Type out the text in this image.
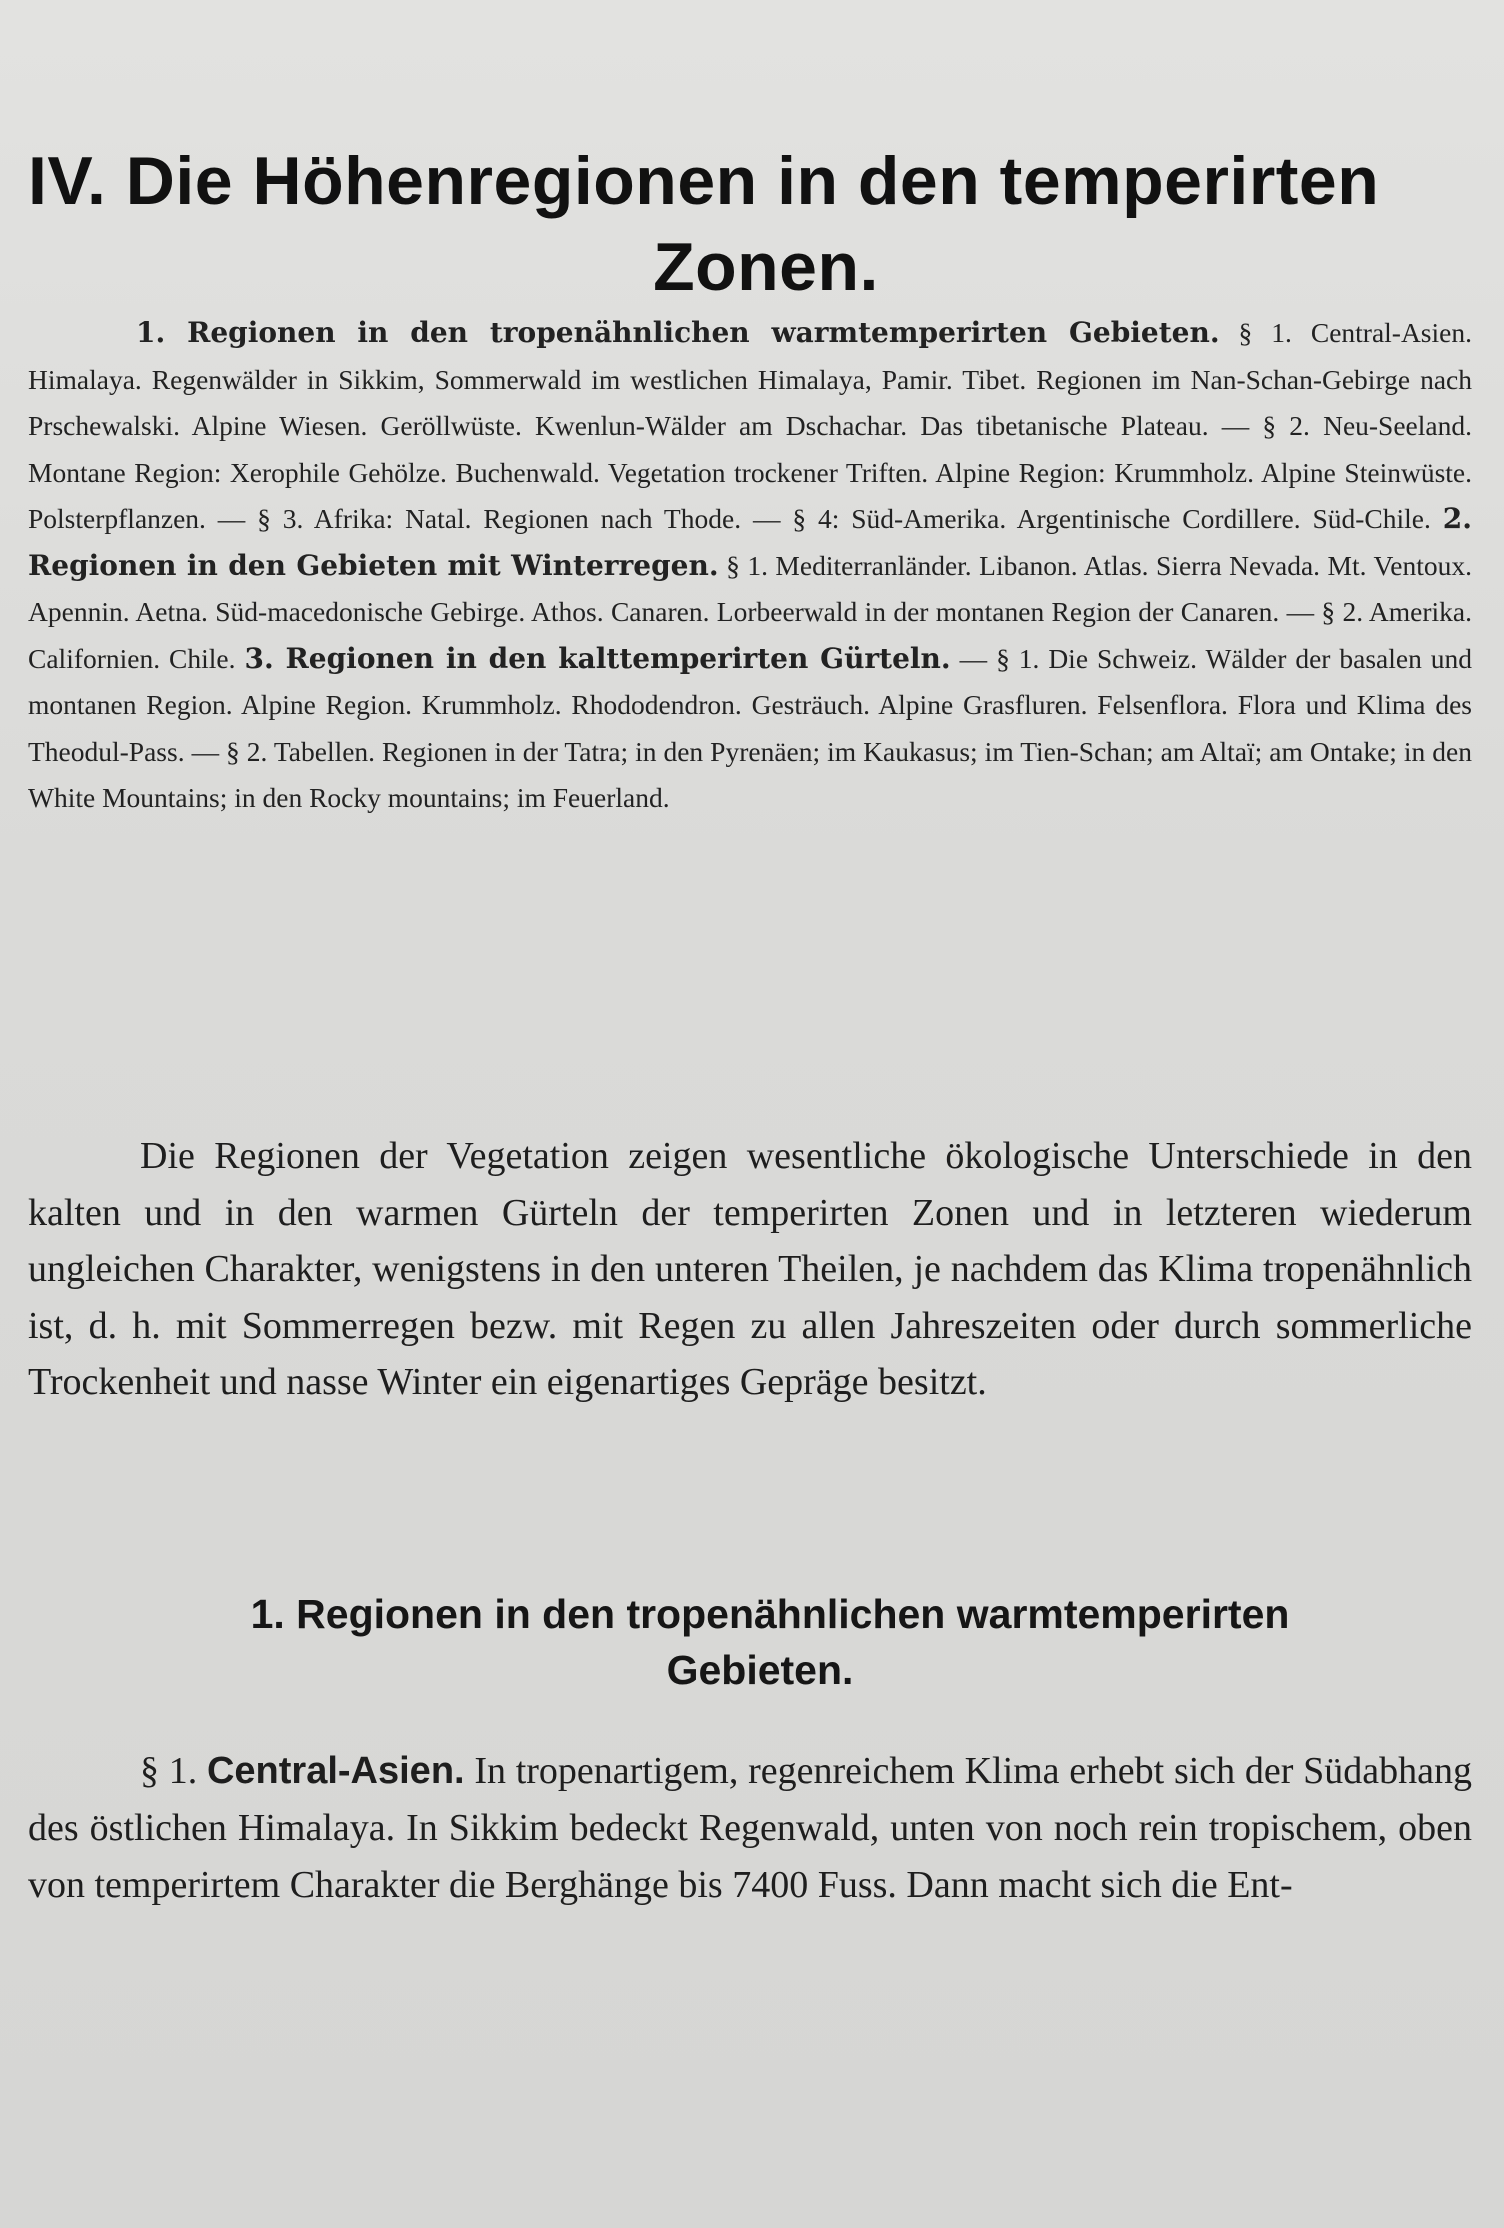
IV. Die Höhenregionen in den temperirten
Zonen.
1. Regionen in den tropenähnlichen warmtemperirten Gebieten. § 1. Central-Asien. Himalaya. Regenwälder in Sikkim, Sommerwald im westlichen Himalaya, Pamir. Tibet. Regionen im Nan-Schan-Gebirge nach Prschewalski. Alpine Wiesen. Geröllwüste. Kwenlun-Wälder am Dschachar. Das tibetanische Plateau. — § 2. Neu-Seeland. Montane Region: Xerophile Gehölze. Buchenwald. Vegetation trockener Triften. Alpine Region: Krummholz. Alpine Steinwüste. Polsterpflanzen. — § 3. Afrika: Natal. Regionen nach Thode. — § 4: Süd-Amerika. Argentinische Cordillere. Süd-Chile. 2. Regionen in den Gebieten mit Winterregen. § 1. Mediterranländer. Libanon. Atlas. Sierra Nevada. Mt. Ventoux. Apennin. Aetna. Süd-macedonische Gebirge. Athos. Canaren. Lorbeerwald in der montanen Region der Canaren. — § 2. Amerika. Californien. Chile. 3. Regionen in den kalttemperirten Gürteln. — § 1. Die Schweiz. Wälder der basalen und montanen Region. Alpine Region. Krummholz. Rhododendron. Gesträuch. Alpine Grasfluren. Felsenflora. Flora und Klima des Theodul-Pass. — § 2. Tabellen. Regionen in der Tatra; in den Pyrenäen; im Kaukasus; im Tien-Schan; am Altaï; am Ontake; in den White Mountains; in den Rocky mountains; im Feuerland.

Die Regionen der Vegetation zeigen wesentliche ökologische Unterschiede in den kalten und in den warmen Gürteln der temperirten Zonen und in letzteren wiederum ungleichen Charakter, wenigstens in den unteren Theilen, je nachdem das Klima tropenähnlich ist, d. h. mit Sommerregen bezw. mit Regen zu allen Jahreszeiten oder durch sommerliche Trockenheit und nasse Winter ein eigenartiges Gepräge besitzt.

1. Regionen in den tropenähnlichen warmtemperirten
Gebieten.

§ 1. Central-Asien. In tropenartigem, regenreichem Klima erhebt sich der Südabhang des östlichen Himalaya. In Sikkim bedeckt Regenwald, unten von noch rein tropischem, oben von temperirtem Charakter die Berghänge bis 7400 Fuss. Dann macht sich die Ent-
